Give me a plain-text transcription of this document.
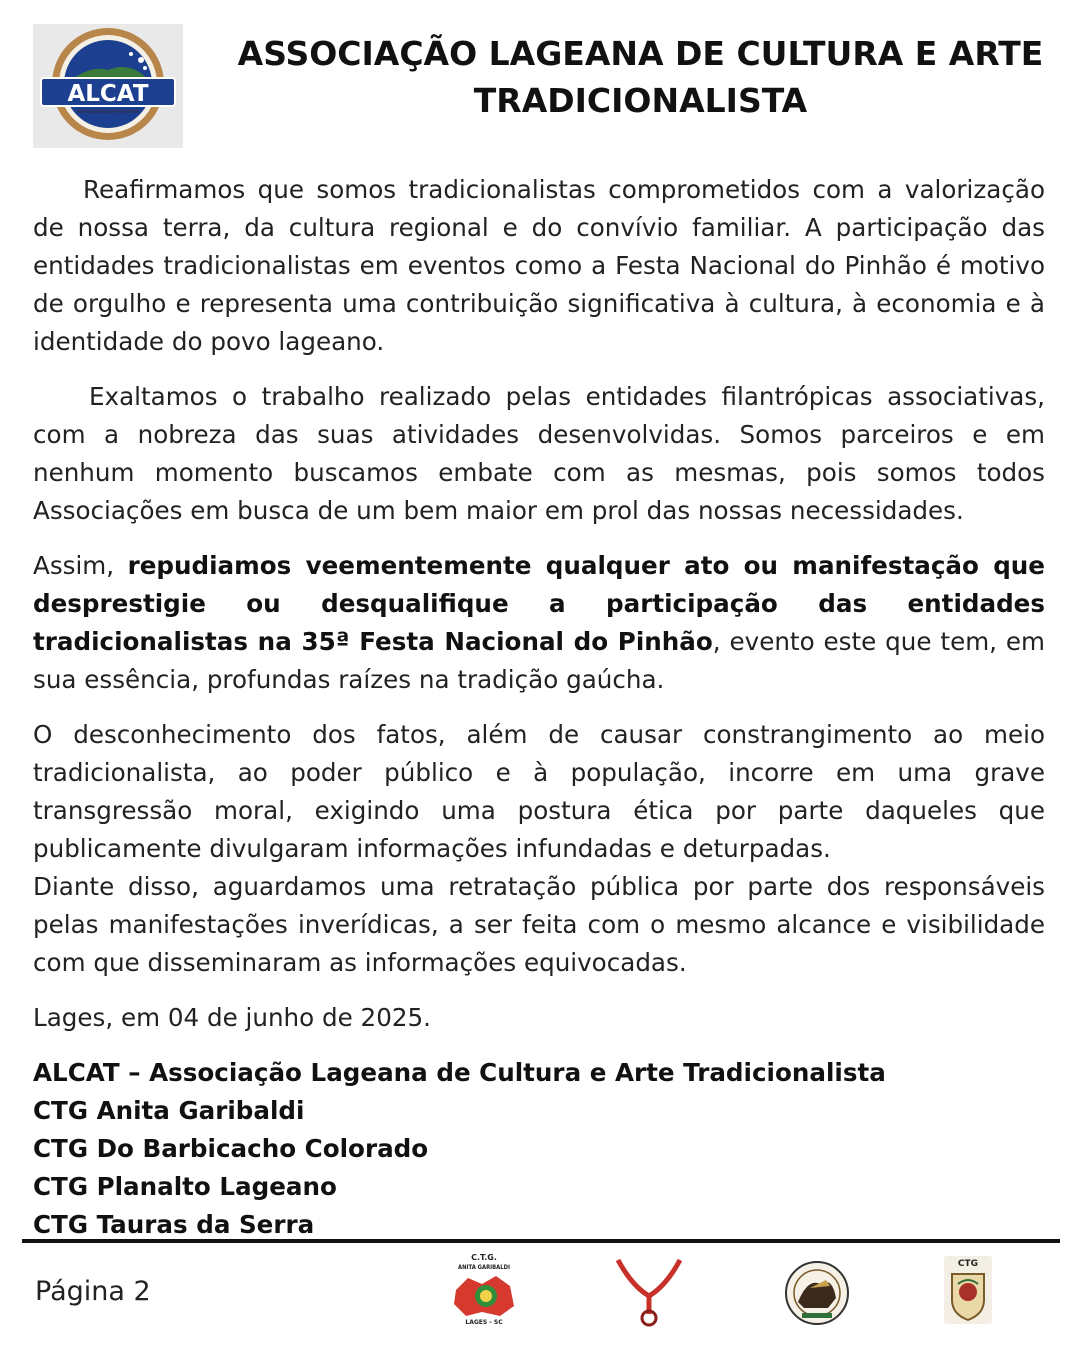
ALCAT
ASSOCIAÇÃO LAGEANA DE CULTURA E ARTE TRADICIONALISTA
ASSOCIAÇÃO LAGEANA DE CULTURA E ARTE
TRADICIONALISTA

Reafirmamos que somos tradicionalistas comprometidos com a valorização de nossa terra, da cultura regional e do convívio familiar. A participação das entidades tradicionalistas em eventos como a Festa Nacional do Pinhão é motivo de orgulho e representa uma contribuição significativa à cultura, à economia e à identidade do povo lageano.

Exaltamos o trabalho realizado pelas entidades filantrópicas associativas, com a nobreza das suas atividades desenvolvidas. Somos parceiros e em nenhum momento buscamos embate com as mesmas, pois somos todos Associações em busca de um bem maior em prol das nossas necessidades.

Assim, repudiamos veementemente qualquer ato ou manifestação que desprestigie ou desqualifique a participação das entidades tradicionalistas na 35ª Festa Nacional do Pinhão, evento este que tem, em sua essência, profundas raízes na tradição gaúcha.

O desconhecimento dos fatos, além de causar constrangimento ao meio tradicionalista, ao poder público e à população, incorre em uma grave transgressão moral, exigindo uma postura ética por parte daqueles que publicamente divulgaram informações infundadas e deturpadas.

Diante disso, aguardamos uma retratação pública por parte dos responsáveis pelas manifestações inverídicas, a ser feita com o mesmo alcance e visibilidade com que disseminaram as informações equivocadas.

Lages, em 04 de junho de 2025.

ALCAT – Associação Lageana de Cultura e Arte Tradicionalista
CTG Anita Garibaldi
CTG Do Barbicacho Colorado
CTG Planalto Lageano
CTG Tauras da Serra
Página 2
C.T.G.
ANITA GARIBALDI
LAGES - SC
CTG
